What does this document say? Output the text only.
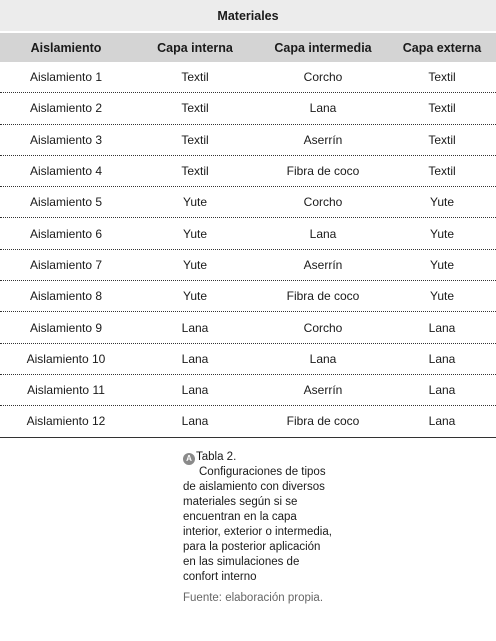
Materiales
Aislamiento	Capa interna	Capa intermedia	Capa externa
Aislamiento 1	Textil	Corcho	Textil
Aislamiento 2	Textil	Lana	Textil
Aislamiento 3	Textil	Aserrín	Textil
Aislamiento 4	Textil	Fibra de coco	Textil
Aislamiento 5	Yute	Corcho	Yute
Aislamiento 6	Yute	Lana	Yute
Aislamiento 7	Yute	Aserrín	Yute
Aislamiento 8	Yute	Fibra de coco	Yute
Aislamiento 9	Lana	Corcho	Lana
Aislamiento 10	Lana	Lana	Lana
Aislamiento 11	Lana	Aserrín	Lana
Aislamiento 12	Lana	Fibra de coco	Lana
A Tabla 2.

Configuraciones de tipos de aislamiento con diversos materiales según si se encuentran en la capa interior, exterior o intermedia, para la posterior aplicación en las simulaciones de confort interno

Fuente: elaboración propia.
